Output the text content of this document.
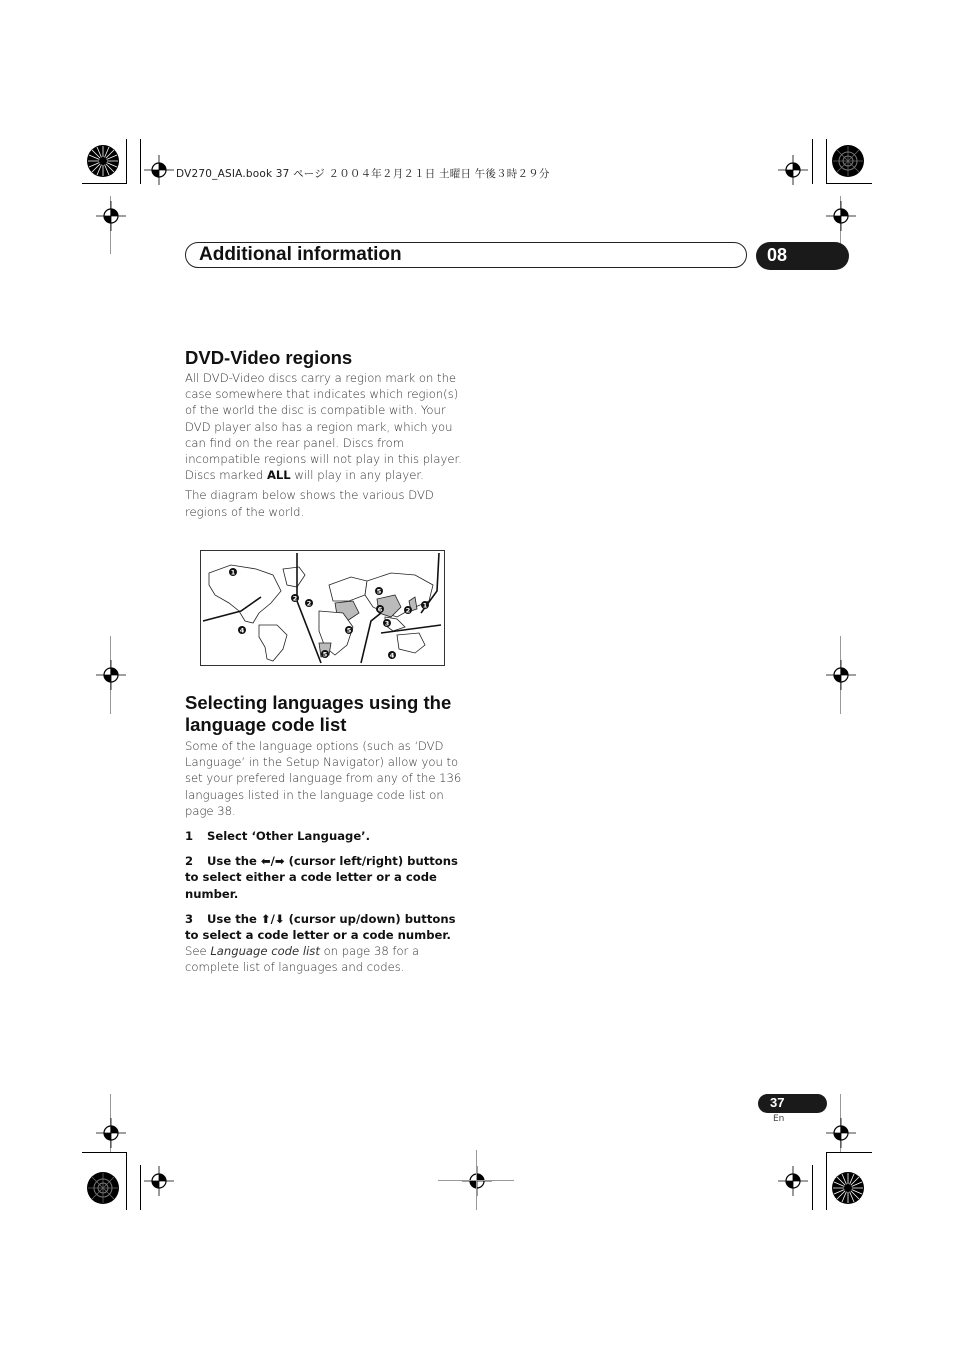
DV270_ASIA.book 37 ページ ２００４年２月２１日 土曜日 午後３時２９分
Additional information	08
DVD-Video regions

All DVD-Video discs carry a region mark on the case somewhere that indicates which region(s) of the world the disc is compatible with. Your DVD player also has a region mark, which you can find on the rear panel. Discs from incompatible regions will not play in this player. Discs marked ALL will play in any player.

The diagram below shows the various DVD regions of the world.

1
2
4
5
6
3
5
2
1
5
2
4
Selecting languages using the language code list

Some of the language options (such as ‘DVD Language’ in the Setup Navigator) allow you to set your prefered language from any of the 136 languages listed in the language code list on page 38.

1 Select ‘Other Language’.

2 Use the ⬅/➡ (cursor left/right) buttons to select either a code letter or a code number.

3 Use the ⬆/⬇ (cursor up/down) buttons to select a code letter or a code number.

See Language code list on page 38 for a complete list of languages and codes.

37
En
